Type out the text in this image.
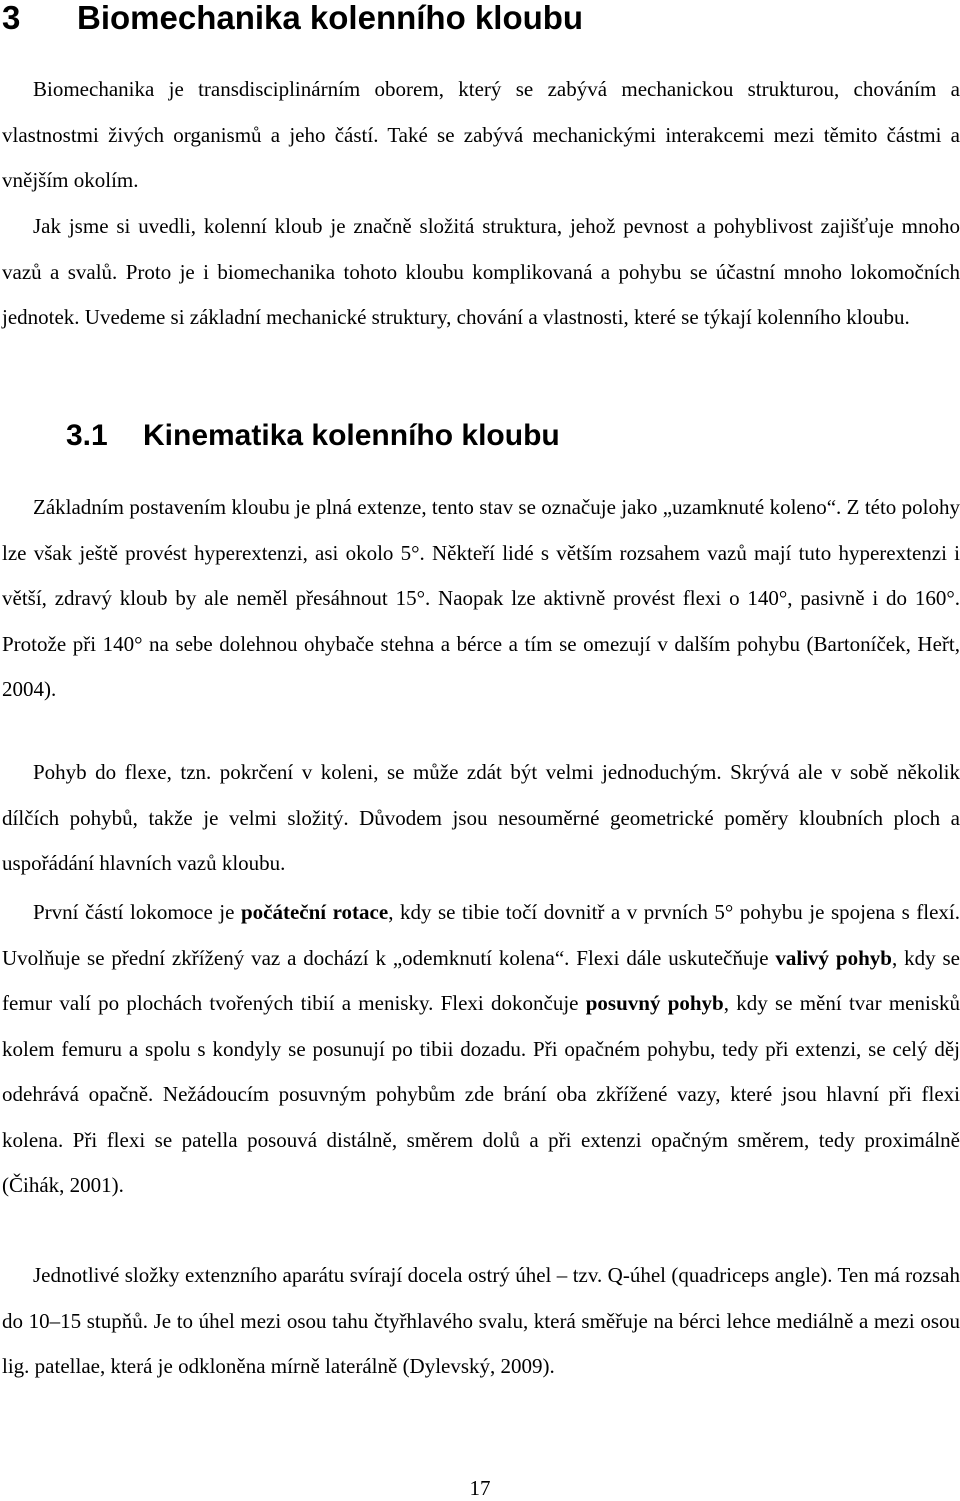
3 Biomechanika kolenního kloubu

Biomechanika je transdisciplinárním oborem, který se zabývá mechanickou strukturou, chováním a vlastnostmi živých organismů a jeho částí. Také se zabývá mechanickými interakcemi mezi těmito částmi a vnějším okolím.

Jak jsme si uvedli, kolenní kloub je značně složitá struktura, jehož pevnost a pohyblivost zajišťuje mnoho vazů a svalů. Proto je i biomechanika tohoto kloubu komplikovaná a pohybu se účastní mnoho lokomočních jednotek. Uvedeme si základní mechanické struktury, chování a vlastnosti, které se týkají kolenního kloubu.

3.1 Kinematika kolenního kloubu

Základním postavením kloubu je plná extenze, tento stav se označuje jako „uzamknuté koleno“. Z této polohy lze však ještě provést hyperextenzi, asi okolo 5°. Někteří lidé s větším rozsahem vazů mají tuto hyperextenzi i větší, zdravý kloub by ale neměl přesáhnout 15°. Naopak lze aktivně provést flexi o 140°, pasivně i do 160°. Protože při 140° na sebe dolehnou ohybače stehna a bérce a tím se omezují v dalším pohybu (Bartoníček, Heřt, 2004).

Pohyb do flexe, tzn. pokrčení v koleni, se může zdát být velmi jednoduchým. Skrývá ale v sobě několik dílčích pohybů, takže je velmi složitý. Důvodem jsou nesouměrné geometrické poměry kloubních ploch a uspořádání hlavních vazů kloubu.

První částí lokomoce je počáteční rotace, kdy se tibie točí dovnitř a v prvních 5° pohybu je spojena s flexí. Uvolňuje se přední zkřížený vaz a dochází k „odemknutí kolena“. Flexi dále uskutečňuje valivý pohyb, kdy se femur valí po plochách tvořených tibií a menisky. Flexi dokončuje posuvný pohyb, kdy se mění tvar menisků kolem femuru a spolu s kondyly se posunují po tibii dozadu. Při opačném pohybu, tedy při extenzi, se celý děj odehrává opačně. Nežádoucím posuvným pohybům zde brání oba zkřížené vazy, které jsou hlavní při flexi kolena. Při flexi se patella posouvá distálně, směrem dolů a při extenzi opačným směrem, tedy proximálně (Čihák, 2001).

Jednotlivé složky extenzního aparátu svírají docela ostrý úhel – tzv. Q-úhel (quadriceps angle). Ten má rozsah do 10–15 stupňů. Je to úhel mezi osou tahu čtyřhlavého svalu, která směřuje na bérci lehce mediálně a mezi osou lig. patellae, která je odkloněna mírně laterálně (Dylevský, 2009).

17
